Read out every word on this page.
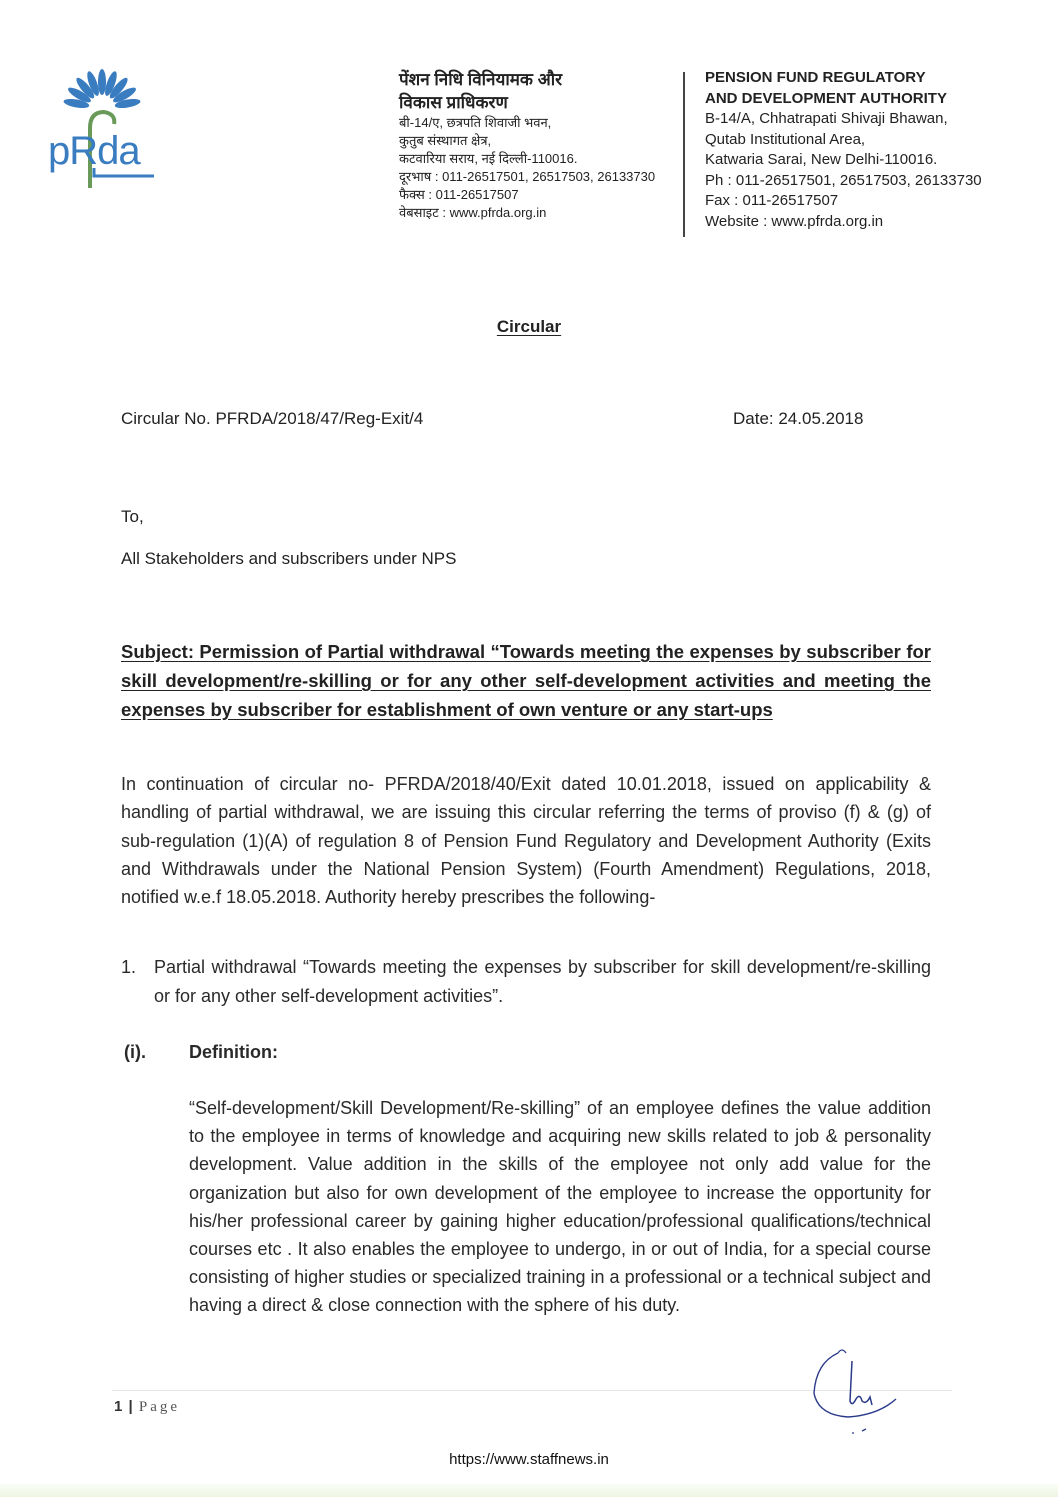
pRda
पेंशन निधि विनियामक और
विकास प्राधिकरण
बी-14/ए, छत्रपति शिवाजी भवन,
कुतुब संस्थागत क्षेत्र,
कटवारिया सराय, नई दिल्ली-110016.
दूरभाष : 011-26517501, 26517503, 26133730
फैक्स : 011-26517507
वेबसाइट : www.pfrda.org.in
PENSION FUND REGULATORY
AND DEVELOPMENT AUTHORITY
B-14/A, Chhatrapati Shivaji Bhawan,
Qutab Institutional Area,
Katwaria Sarai, New Delhi-110016.
Ph : 011-26517501, 26517503, 26133730
Fax : 011-26517507
Website : www.pfrda.org.in
Circular
Circular No. PFRDA/2018/47/Reg-Exit/4	Date: 24.05.2018
To,
All Stakeholders and subscribers under NPS
Subject: Permission of Partial withdrawal “Towards meeting the expenses by subscriber for skill development/re-skilling or for any other self-development activities and meeting the expenses by subscriber for establishment of own venture or any start-ups
In continuation of circular no- PFRDA/2018/40/Exit dated 10.01.2018, issued on applicability & handling of partial withdrawal, we are issuing this circular referring the terms of proviso (f) & (g) of sub-regulation (1)(A) of regulation 8 of Pension Fund Regulatory and Development Authority (Exits and Withdrawals under the National Pension System) (Fourth Amendment) Regulations, 2018, notified w.e.f 18.05.2018. Authority hereby prescribes the following-
1. Partial withdrawal “Towards meeting the expenses by subscriber for skill development/re-skilling or for any other self-development activities”.
(i).	Definition:
“Self-development/Skill Development/Re-skilling” of an employee defines the value addition to the employee in terms of knowledge and acquiring new skills related to job & personality development. Value addition in the skills of the employee not only add value for the organization but also for own development of the employee to increase the opportunity for his/her professional career by gaining higher education/professional qualifications/technical courses etc . It also enables the employee to undergo, in or out of India, for a special course consisting of higher studies or specialized training in a professional or a technical subject and having a direct & close connection with the sphere of his duty.
1 | Page
https://www.staffnews.in
